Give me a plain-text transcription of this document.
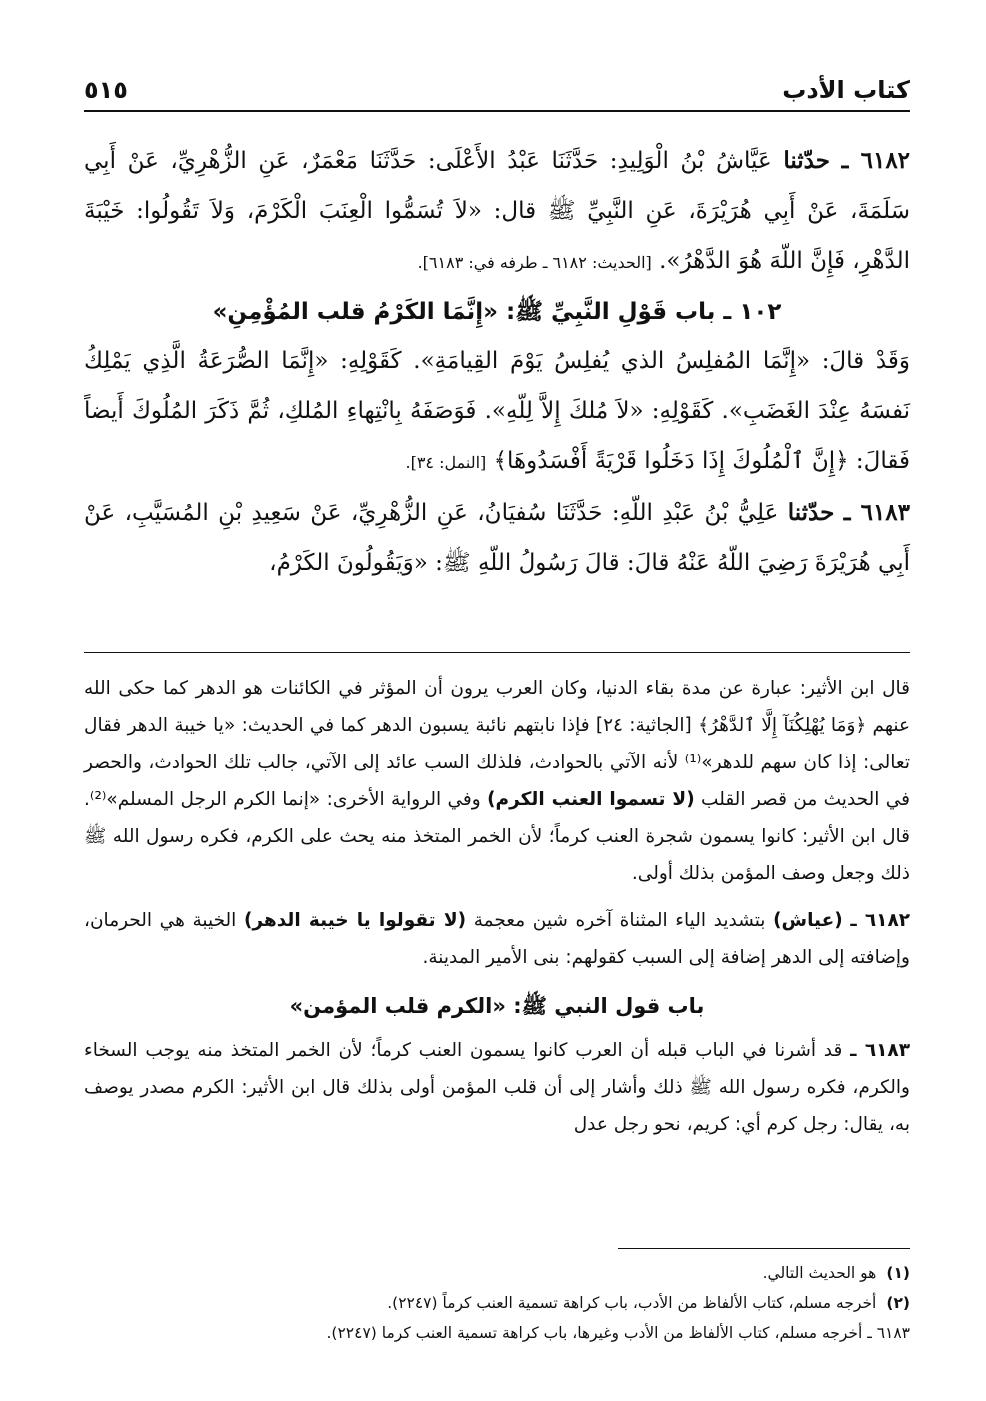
كتاب الأدب
٥١٥

٦١٨٢ ـ حدّثنا عَيَّاشُ بْنُ الْوَلِيدِ: حَدَّثَنَا عَبْدُ الأَعْلَى: حَدَّثَنَا مَعْمَرٌ، عَنِ الزُّهْرِيِّ، عَنْ أَبِي سَلَمَةَ، عَنْ أَبِي هُرَيْرَةَ، عَنِ النَّبِيِّ ﷺ قال: «لاَ تُسَمُّوا الْعِنَبَ الْكَرْمَ، وَلاَ تَقُولُوا: خَيْبَةَ الدَّهْرِ، فَإِنَّ اللّهَ هُوَ الدَّهْرُ». [الحديث: ٦١٨٢ ـ طرفه في: ٦١٨٣].

١٠٢ ـ باب قَوْلِ النَّبِيِّ ﷺ: «إِنَّمَا الكَرْمُ قلب المُؤْمِنِ»

وَقَدْ قالَ: «إِنَّمَا المُفلِسُ الذي يُفلِسُ يَوْمَ القِيامَةِ». كَقَوْلِهِ: «إِنَّمَا الصُّرَعَةُ الَّذِي يَمْلِكُ نَفسَهُ عِنْدَ الغَضَبِ». كَقَوْلِهِ: «لاَ مُلكَ إِلاَّ لِلّهِ». فَوَصَفَهُ بِانْتِهاءِ المُلكِ، ثُمَّ ذَكَرَ المُلُوكَ أَيضاً فَقالَ: ﴿إِنَّ ٱلْمُلُوكَ إِذَا دَخَلُوا قَرْيَةً أَفْسَدُوهَا﴾ [النمل: ٣٤].

٦١٨٣ ـ حدّثنا عَلِيُّ بْنُ عَبْدِ اللّهِ: حَدَّثَنَا سُفيَانُ، عَنِ الزُّهْرِيِّ، عَنْ سَعِيدِ بْنِ المُسَيَّبِ، عَنْ أَبِي هُرَيْرَةَ رَضِيَ اللّهُ عَنْهُ قالَ: قالَ رَسُولُ اللّهِ ﷺ: «وَيَقُولُونَ الكَرْمُ،

قال ابن الأثير: عبارة عن مدة بقاء الدنيا، وكان العرب يرون أن المؤثر في الكائنات هو الدهر كما حكى الله عنهم ﴿وَمَا يُهْلِكُنَآ إِلَّا ٱلدَّهْرُ﴾ [الجاثية: ٢٤] فإذا نابتهم نائبة يسبون الدهر كما في الحديث: «يا خيبة الدهر فقال تعالى: إذا كان سهم للدهر»⁽¹⁾ لأنه الآتي بالحوادث، فلذلك السب عائد إلى الآتي، جالب تلك الحوادث، والحصر في الحديث من قصر القلب (لا تسموا العنب الكرم) وفي الرواية الأخرى: «إنما الكرم الرجل المسلم»⁽²⁾. قال ابن الأثير: كانوا يسمون شجرة العنب كرماً؛ لأن الخمر المتخذ منه يحث على الكرم، فكره رسول الله ﷺ ذلك وجعل وصف المؤمن بذلك أولى.

٦١٨٢ ـ (عياش) بتشديد الياء المثناة آخره شين معجمة (لا تقولوا يا خيبة الدهر) الخيبة هي الحرمان، وإضافته إلى الدهر إضافة إلى السبب كقولهم: بنى الأمير المدينة.

باب قول النبي ﷺ: «الكرم قلب المؤمن»

٦١٨٣ ـ قد أشرنا في الباب قبله أن العرب كانوا يسمون العنب كرماً؛ لأن الخمر المتخذ منه يوجب السخاء والكرم، فكره رسول الله ﷺ ذلك وأشار إلى أن قلب المؤمن أولى بذلك قال ابن الأثير: الكرم مصدر يوصف به، يقال: رجل كرم أي: كريم، نحو رجل عدل

(١)هو الحديث التالي.
(٢)أخرجه مسلم، كتاب الألفاظ من الأدب، باب كراهة تسمية العنب كرماً (٢٢٤٧).
٦١٨٣ ـ أخرجه مسلم، كتاب الألفاظ من الأدب وغيرها، باب كراهة تسمية العنب كرما (٢٢٤٧).
